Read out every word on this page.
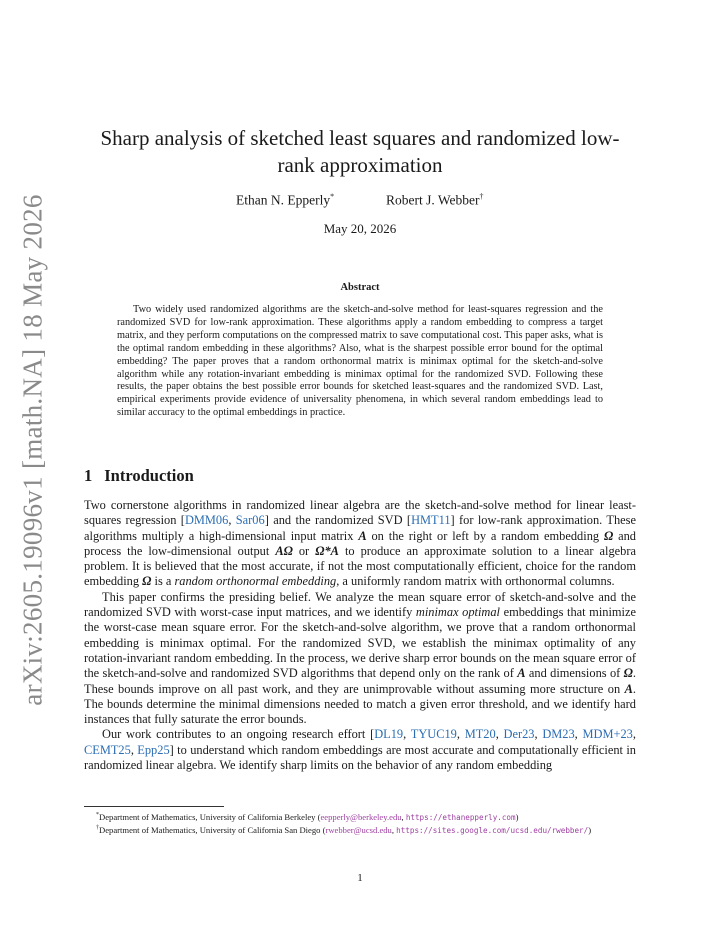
arXiv:2605.19096v1 [math.NA] 18 May 2026
Sharp analysis of sketched least squares and randomized low-rank approximation
Ethan N. Epperly*	Robert J. Webber†
May 20, 2026
Abstract
Two widely used randomized algorithms are the sketch-and-solve method for least-squares regression and the randomized SVD for low-rank approximation. These algorithms apply a random embedding to compress a target matrix, and they perform computations on the compressed matrix to save computational cost. This paper asks, what is the optimal random embedding in these algorithms? Also, what is the sharpest possible error bound for the optimal embedding? The paper proves that a random orthonormal matrix is minimax optimal for the sketch-and-solve algorithm while any rotation-invariant embedding is minimax optimal for the randomized SVD. Following these results, the paper obtains the best possible error bounds for sketched least-squares and the randomized SVD. Last, empirical experiments provide evidence of universality phenomena, in which several random embeddings lead to similar accuracy to the optimal embeddings in practice.
1 Introduction

Two cornerstone algorithms in randomized linear algebra are the sketch-and-solve method for linear least-squares regression [DMM06, Sar06] and the randomized SVD [HMT11] for low-rank approximation. These algorithms multiply a high-dimensional input matrix A on the right or left by a random embedding Ω and process the low-dimensional output AΩ or Ω*A to produce an approximate solution to a linear algebra problem. It is believed that the most accurate, if not the most computationally efficient, choice for the random embedding Ω is a random orthonormal embedding, a uniformly random matrix with orthonormal columns.

This paper confirms the presiding belief. We analyze the mean square error of sketch-and-solve and the randomized SVD with worst-case input matrices, and we identify minimax optimal embeddings that minimize the worst-case mean square error. For the sketch-and-solve algorithm, we prove that a random orthonormal embedding is minimax optimal. For the randomized SVD, we establish the minimax optimality of any rotation-invariant random embedding. In the process, we derive sharp error bounds on the mean square error of the sketch-and-solve and randomized SVD algorithms that depend only on the rank of A and dimensions of Ω. These bounds improve on all past work, and they are unimprovable without assuming more structure on A. The bounds determine the minimal dimensions needed to match a given error threshold, and we identify hard instances that fully saturate the error bounds.

Our work contributes to an ongoing research effort [DL19, TYUC19, MT20, Der23, DM23, MDM+23, CEMT25, Epp25] to understand which random embeddings are most accurate and computationally efficient in randomized linear algebra. We identify sharp limits on the behavior of any random embedding

*Department of Mathematics, University of California Berkeley (eepperly@berkeley.edu, https://ethanepperly.com)

†Department of Mathematics, University of California San Diego (rwebber@ucsd.edu, https://sites.google.com/ucsd.edu/rwebber/)

1
